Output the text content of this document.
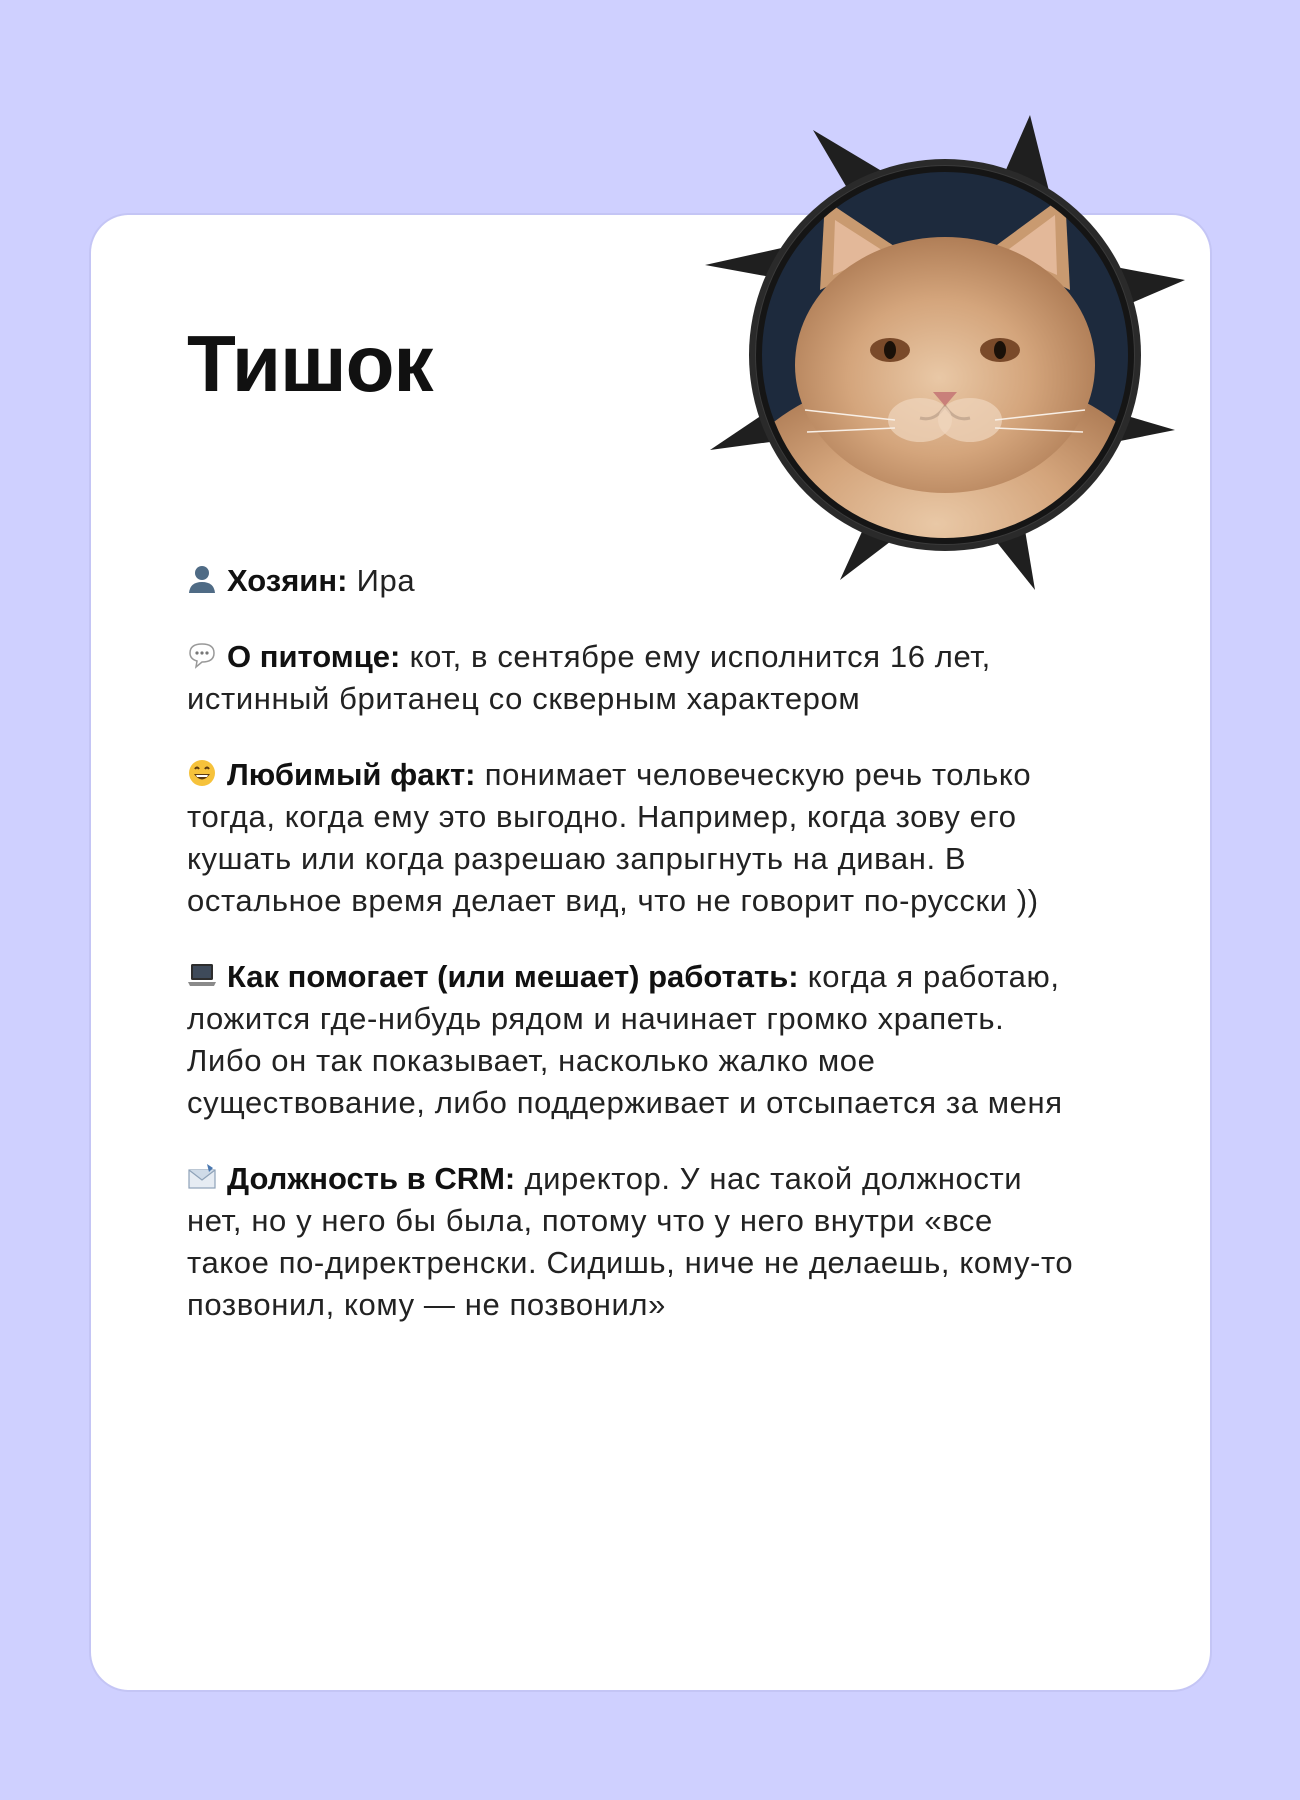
Тишок

Хозяин: Ира

О питомце: кот, в сентябре ему исполнится 16 лет, истинный британец со скверным характером

Любимый факт: понимает человеческую речь только тогда, когда ему это выгодно. Например, когда зову его кушать или когда разрешаю запрыгнуть на диван. В остальное время делает вид, что не говорит по-русски ))

Как помогает (или мешает) работать: когда я работаю, ложится где-нибудь рядом и начинает громко храпеть. Либо он так показывает, насколько жалко мое существование, либо поддерживает и отсыпается за меня

Должность в CRM: директор. У нас такой должности нет, но у него бы была, потому что у него внутри «все такое по-директренски. Сидишь, ниче не делаешь, кому-то позвонил, кому — не позвонил»
